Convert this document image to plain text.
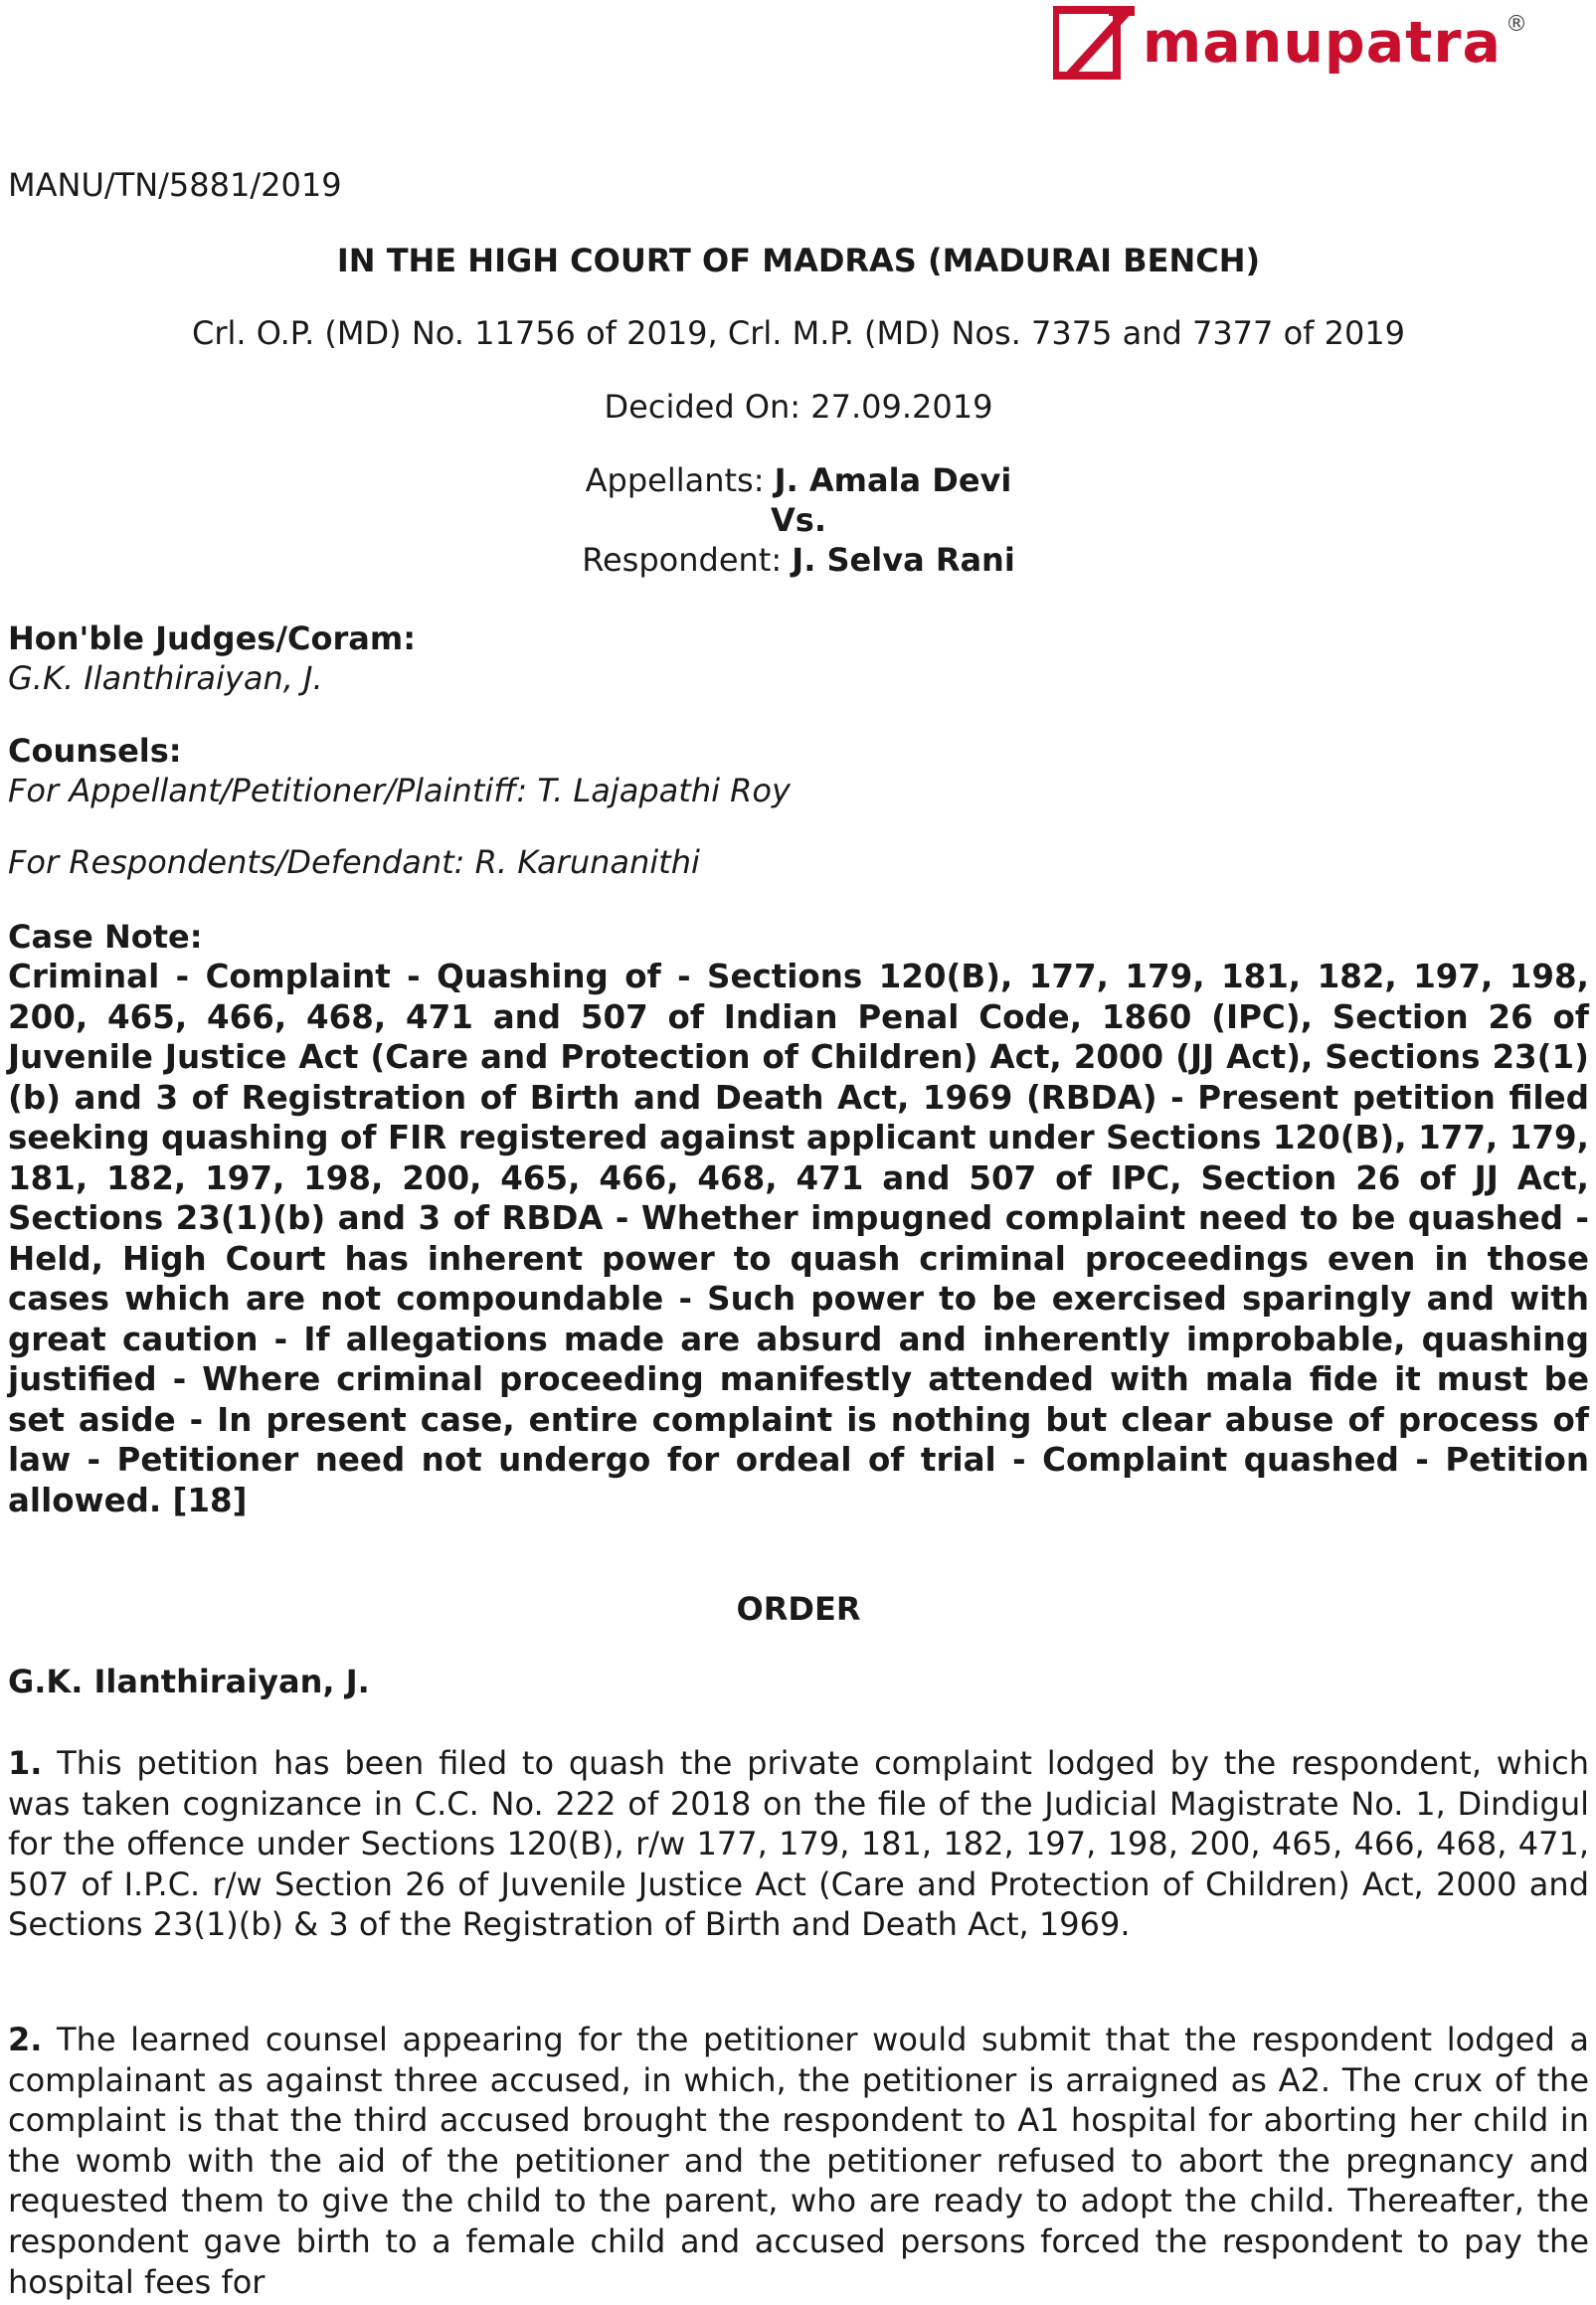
manupatra ®
MANU/TN/5881/2019
IN THE HIGH COURT OF MADRAS (MADURAI BENCH)
Crl. O.P. (MD) No. 11756 of 2019, Crl. M.P. (MD) Nos. 7375 and 7377 of 2019
Decided On: 27.09.2019
Appellants: J. Amala Devi
Vs.
Respondent: J. Selva Rani
Hon'ble Judges/Coram:
G.K. Ilanthiraiyan, J.
Counsels:
For Appellant/Petitioner/Plaintiff: T. Lajapathi Roy
For Respondents/Defendant: R. Karunanithi
Case Note:
Criminal - Complaint - Quashing of - Sections 120(B), 177, 179, 181, 182, 197, 198, 200, 465, 466, 468, 471 and 507 of Indian Penal Code, 1860 (IPC), Section 26 of Juvenile Justice Act (Care and Protection of Children) Act, 2000 (JJ Act), Sections 23(1)(b) and 3 of Registration of Birth and Death Act, 1969 (RBDA) - Present petition filed seeking quashing of FIR registered against applicant under Sections 120(B), 177, 179, 181, 182, 197, 198, 200, 465, 466, 468, 471 and 507 of IPC, Section 26 of JJ Act, Sections 23(1)(b) and 3 of RBDA - Whether impugned complaint need to be quashed - Held, High Court has inherent power to quash criminal proceedings even in those cases which are not compoundable - Such power to be exercised sparingly and with great caution - If allegations made are absurd and inherently improbable, quashing justified - Where criminal proceeding manifestly attended with mala fide it must be set aside - In present case, entire complaint is nothing but clear abuse of process of law - Petitioner need not undergo for ordeal of trial - Complaint quashed - Petition allowed. [18]
ORDER
G.K. Ilanthiraiyan, J.
1. This petition has been filed to quash the private complaint lodged by the respondent, which was taken cognizance in C.C. No. 222 of 2018 on the file of the Judicial Magistrate No. 1, Dindigul for the offence under Sections 120(B), r/w 177, 179, 181, 182, 197, 198, 200, 465, 466, 468, 471, 507 of I.P.C. r/w Section 26 of Juvenile Justice Act (Care and Protection of Children) Act, 2000 and Sections 23(1)(b) & 3 of the Registration of Birth and Death Act, 1969.
2. The learned counsel appearing for the petitioner would submit that the respondent lodged a complainant as against three accused, in which, the petitioner is arraigned as A2. The crux of the complaint is that the third accused brought the respondent to A1 hospital for aborting her child in the womb with the aid of the petitioner and the petitioner refused to abort the pregnancy and requested them to give the child to the parent, who are ready to adopt the child. Thereafter, the respondent gave birth to a female child and accused persons forced the respondent to pay the hospital fees for
